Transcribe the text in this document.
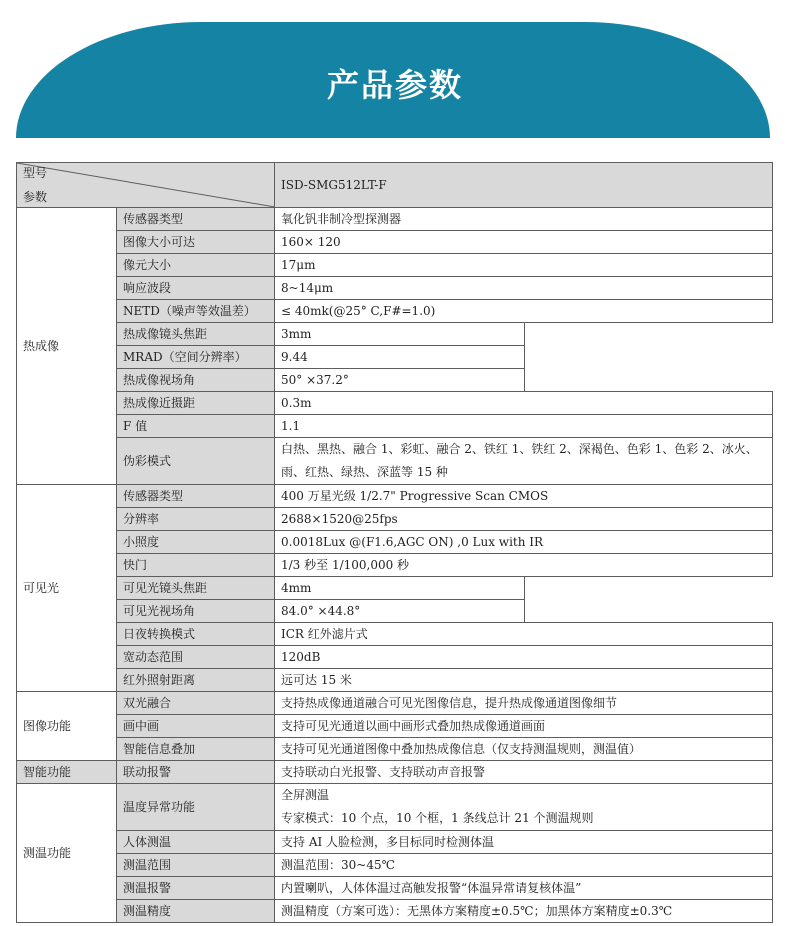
产品参数
型号
参数		ISD-SMG512LT-F	

热成像	传感器类型	氧化钒非制冷型探测器	
	图像大小可达	160× 120	
	像元大小	17μm	
	响应波段	8~14μm	
	NETD（噪声等效温差）	≤ 40mk(@25° C,F#=1.0)	
	热成像镜头焦距	3mm	
	MRAD（空间分辨率）	9.44	
	热成像视场角	50° ×37.2°	
	热成像近摄距	0.3m	
	F 值	1.1	
	伪彩模式	白热、黑热、融合 1、彩虹、融合 2、铁红 1、铁红 2、深褐色、色彩 1、色彩 2、冰火、雨、红热、绿热、深蓝等 15 种	
可见光	传感器类型	400 万星光级 1/2.7" Progressive Scan CMOS	
	分辨率	2688×1520@25fps	
	小照度	0.0018Lux @(F1.6,AGC ON) ,0 Lux with IR	
	快门	1/3 秒至 1/100,000 秒	
	可见光镜头焦距	4mm	
	可见光视场角	84.0° ×44.8°	
	日夜转换模式	ICR 红外滤片式	
	宽动态范围	120dB	
	红外照射距离	远可达 15 米	
图像功能	双光融合	支持热成像通道融合可见光图像信息，提升热成像通道图像细节	
	画中画	支持可见光通道以画中画形式叠加热成像通道画面	
	智能信息叠加	支持可见光通道图像中叠加热成像信息（仅支持测温规则，测温值）	
智能功能	联动报警	支持联动白光报警、支持联动声音报警	
测温功能	温度异常功能	全屏测温
专家模式：10 个点，10 个框，1 条线总计 21 个测温规则	

	人体测温	支持 AI 人脸检测，多目标同时检测体温	
	测温范围	测温范围：30~45℃	
	测温报警	内置喇叭，人体体温过高触发报警“体温异常请复核体温”	
	测温精度	测温精度（方案可选）：无黑体方案精度±0.5℃；加黑体方案精度±0.3℃	
